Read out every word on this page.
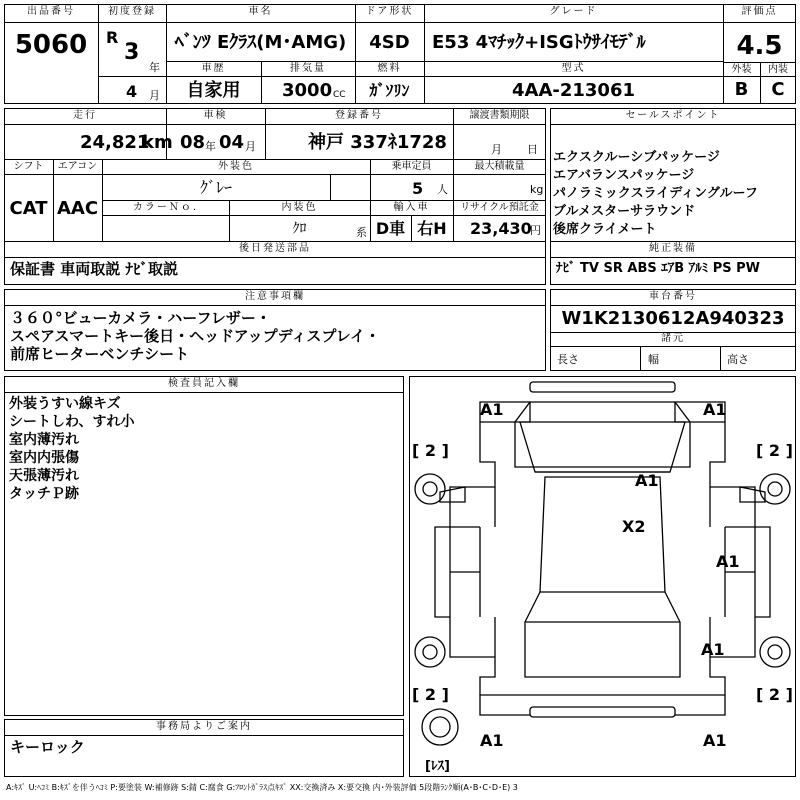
出品番号
5060
初度登録
R
3
年
4 月
車名
ﾍﾞﾝﾂ Eｸﾗｽ(M･AMG)
ドア形状
4SD
グレード
E53 4ﾏﾁｯｸ+ISGﾄｳｻｲﾓﾃﾞﾙ
評価点
4.5
外装	内装
B	C
車歴
自家用
排気量
3000 CC
燃料
ｶﾞｿﾘﾝ
型式
4AA-213061
走行
24,821
km
車検
08 年 04 月
登録番号
神戸 337ﾈ1728
譲渡書類期限
月 日
シフト
CAT
エアコン
AAC
外装色
ｸﾞﾚｰ
乗車定員
5 人
最大積載量
kg
カラーＮｏ.	内装色
ｸﾛ	系
輸入車
D車 右H
リサイクル預託金
23,430
円
後日発送部品
保証書 車両取説 ﾅﾋﾞ取説
セールスポイント
エクスクルーシブパッケージ
エアバランスパッケージ
パノラミックスライディングルーフ
ブルメスターサラウンド
後席クライメート
純正装備
ﾅﾋﾞ TV SR ABS ｴｱB ｱﾙﾐ PS PW
注意事項欄
３６０°ビューカメラ・ハーフレザー・
スペアスマートキー後日・ヘッドアップディスプレイ・
前席ヒーターベンチシート
車台番号
W1K2130612A940323
諸元
長さ	幅	高さ
検査員記入欄
外装うすい線キズ
シートしわ、すれ小
室内薄汚れ
室内内張傷
天張薄汚れ
タッチＰ跡
事務局よりご案内
キーロック
[ 2 ]	[ 2 ]
[ 2 ]	[ 2 ]
[ﾚｽ]
A1	A1
A1
X2
A1
A1
A1	A1
A:ｷｽﾞ U:ﾍｺﾐ B:ｷｽﾞを伴うﾍｺﾐ P:要塗装 W:補修跡 S:錆 C:腐食 G:ﾌﾛﾝﾄｶﾞﾗｽ点ｷｽﾞ XX:交換済み X:要交換 内･外装評価 5段階ﾗﾝｸ順(A･B･C･D･E) 3
